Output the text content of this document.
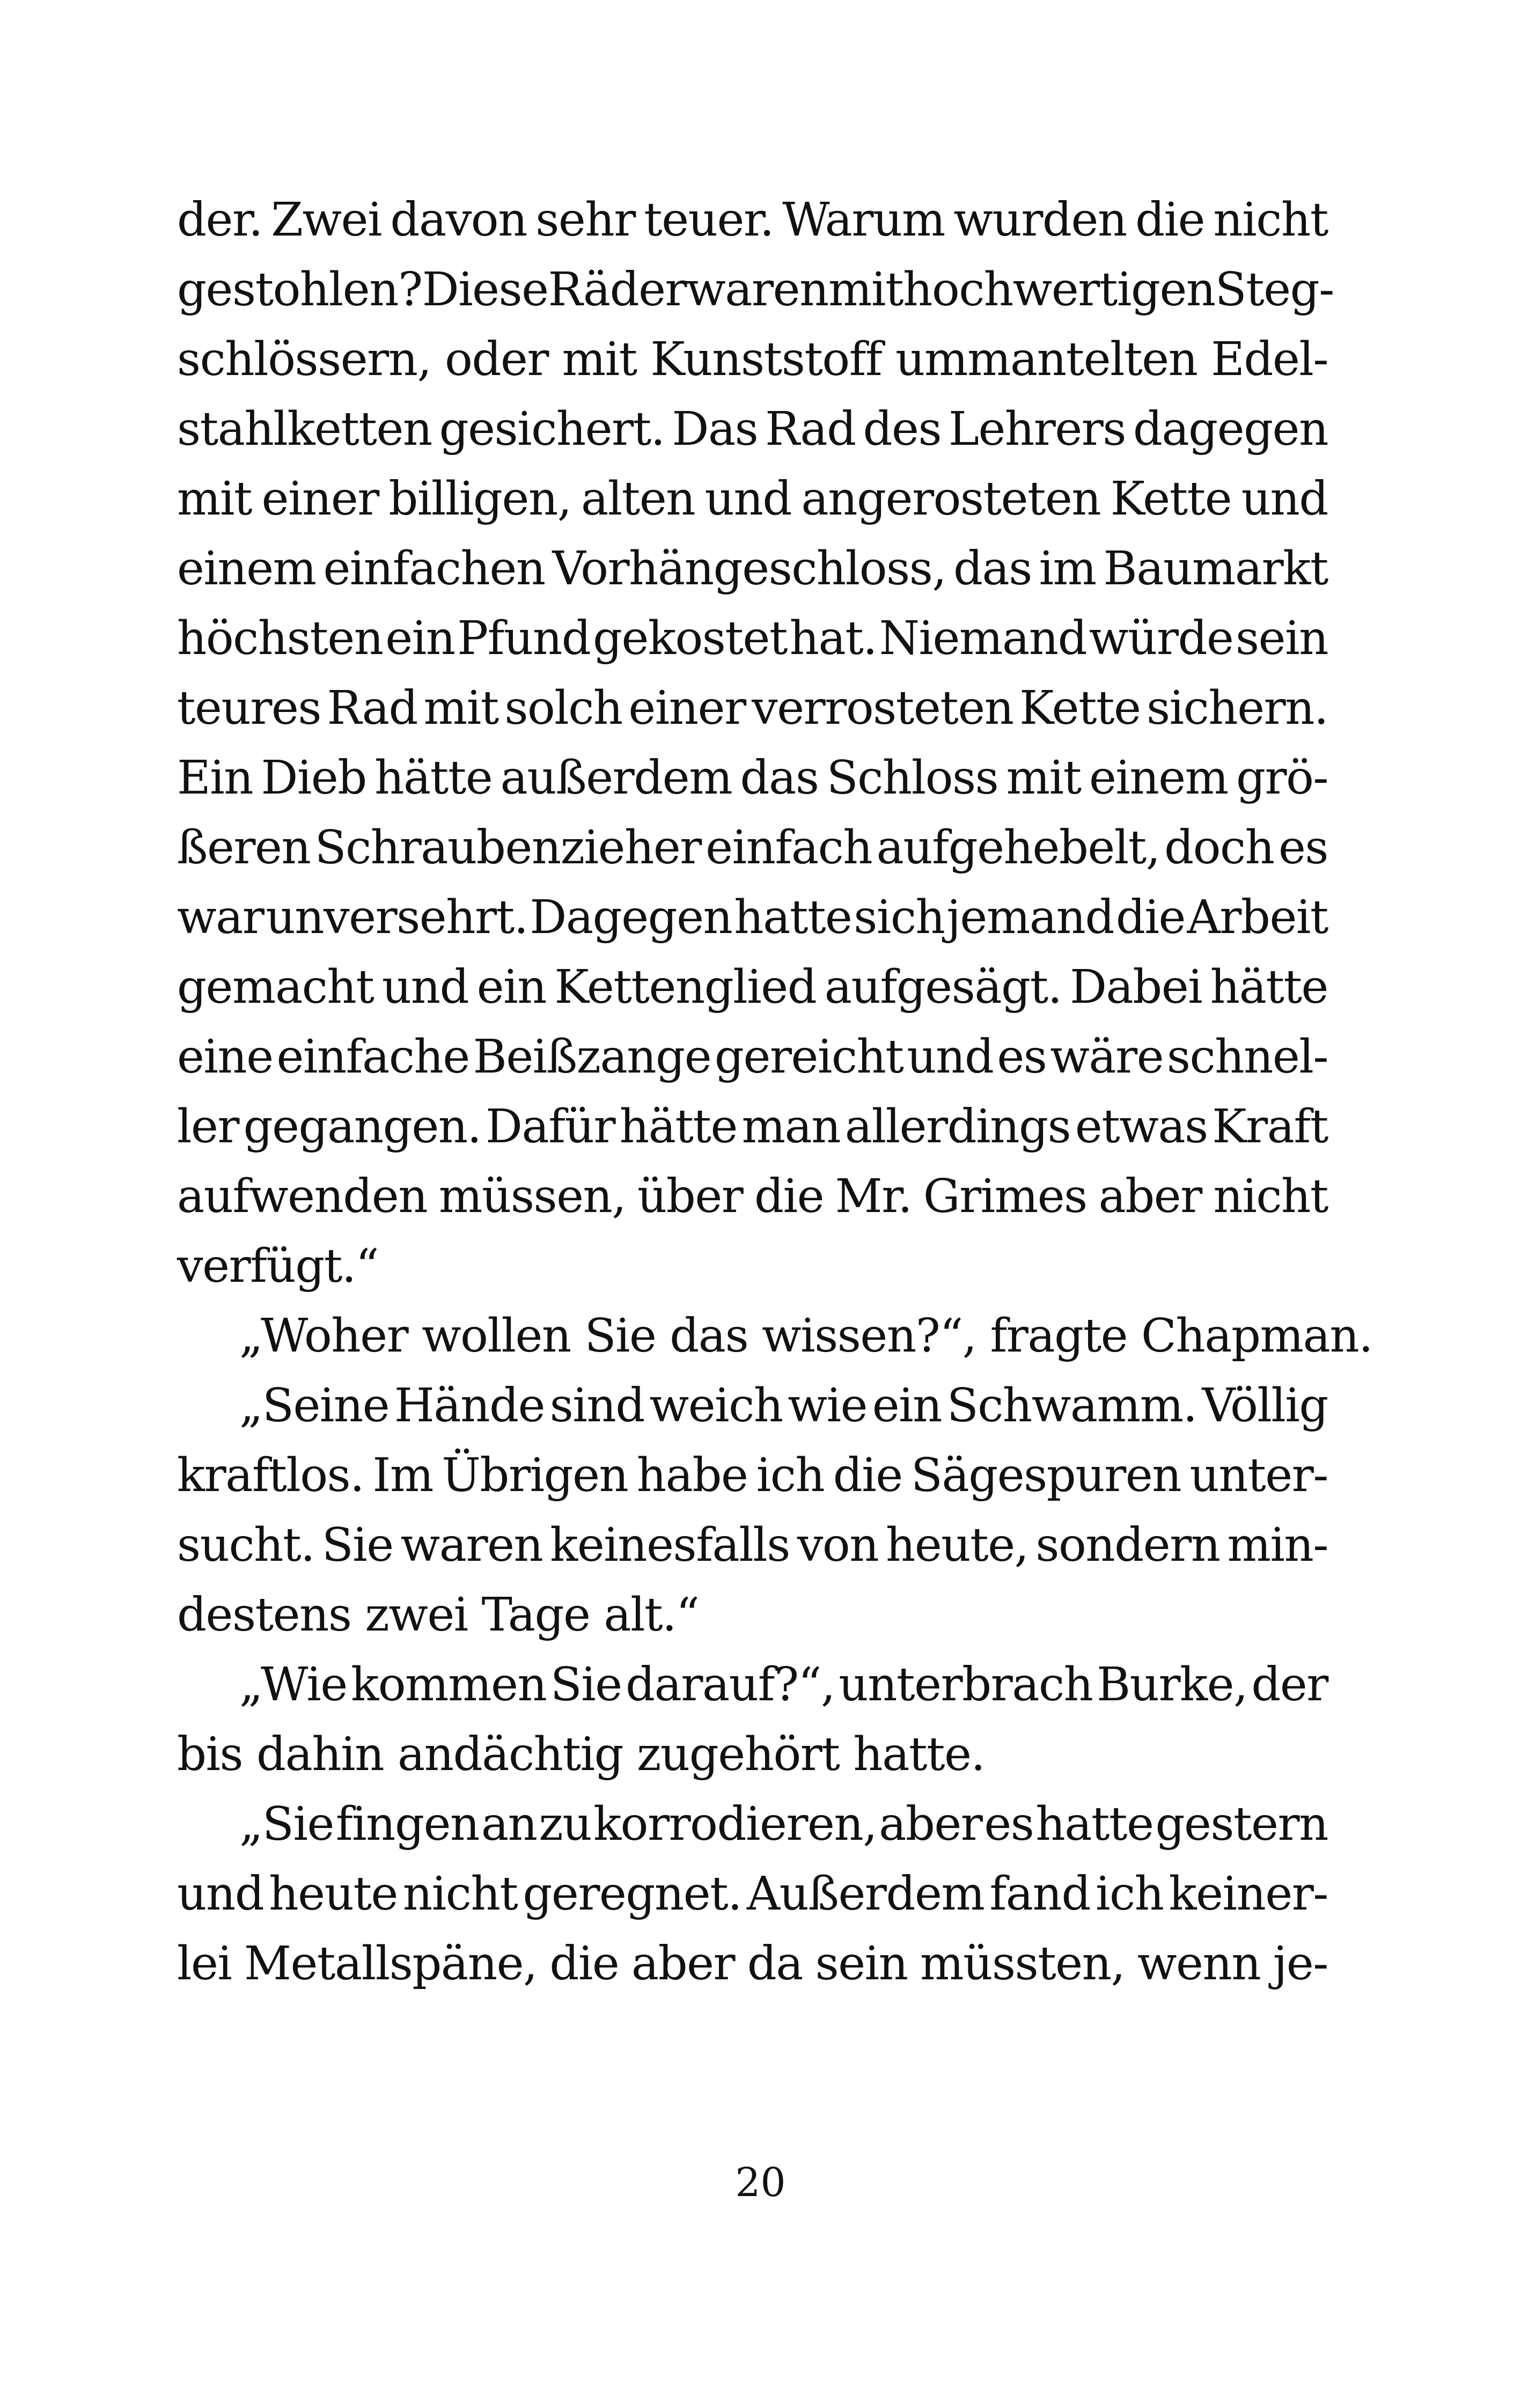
der. Zwei davon sehr teuer. Warum wurden die nicht
gestohlen? Diese Räder waren mit hochwertigen Steg-
schlössern, oder mit Kunststoff ummantelten Edel-
stahlketten gesichert. Das Rad des Lehrers dagegen
mit einer billigen, alten und angerosteten Kette und
einem einfachen Vorhängeschloss, das im Baumarkt
höchsten ein Pfund gekostet hat. Niemand würde sein
teures Rad mit solch einer verrosteten Kette sichern.
Ein Dieb hätte außerdem das Schloss mit einem grö-
ßeren Schraubenzieher einfach aufgehebelt, doch es
war unversehrt. Dagegen hatte sich jemand die Arbeit
gemacht und ein Kettenglied aufgesägt. Dabei hätte
eine einfache Beißzange gereicht und es wäre schnel-
ler gegangen. Dafür hätte man allerdings etwas Kraft
aufwenden müssen, über die Mr. Grimes aber nicht
verfügt.“
„Woher wollen Sie das wissen?“, fragte Chapman.
„Seine Hände sind weich wie ein Schwamm. Völlig
kraftlos. Im Übrigen habe ich die Sägespuren unter-
sucht. Sie waren keinesfalls von heute, sondern min-
destens zwei Tage alt.“
„Wie kommen Sie darauf?“, unterbrach Burke, der
bis dahin andächtig zugehört hatte.
„Sie fingen an zu korrodieren, aber es hatte gestern
und heute nicht geregnet. Außerdem fand ich keiner-
lei Metallspäne, die aber da sein müssten, wenn je-
20
